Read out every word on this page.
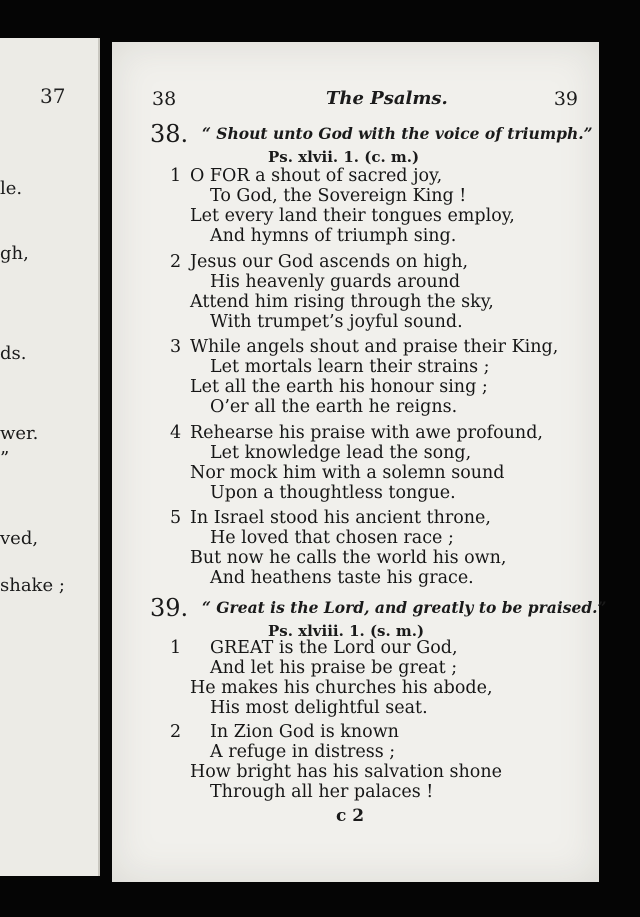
37
le.
gh,
ds.
wer.
”
ved,
shake ;
38	The Psalms.	39
38. “ Shout unto God with the voice of triumph.”
Ps. xlvii. 1. (c. m.)
1 O FOR a shout of sacred joy,
To God, the Sovereign King !
Let every land their tongues employ,
And hymns of triumph sing.
2 Jesus our God ascends on high,
His heavenly guards around
Attend him rising through the sky,
With trumpet’s joyful sound.
3 While angels shout and praise their King,
Let mortals learn their strains ;
Let all the earth his honour sing ;
O’er all the earth he reigns.
4 Rehearse his praise with awe profound,
Let knowledge lead the song,
Nor mock him with a solemn sound
Upon a thoughtless tongue.
5 In Israel stood his ancient throne,
He loved that chosen race ;
But now he calls the world his own,
And heathens taste his grace.
39. “ Great is the Lord, and greatly to be praised.”
Ps. xlviii. 1. (s. m.)
1 GREAT is the Lord our God,
And let his praise be great ;
He makes his churches his abode,
His most delightful seat.
2 In Zion God is known
A refuge in distress ;
How bright has his salvation shone
Through all her palaces !
c 2
